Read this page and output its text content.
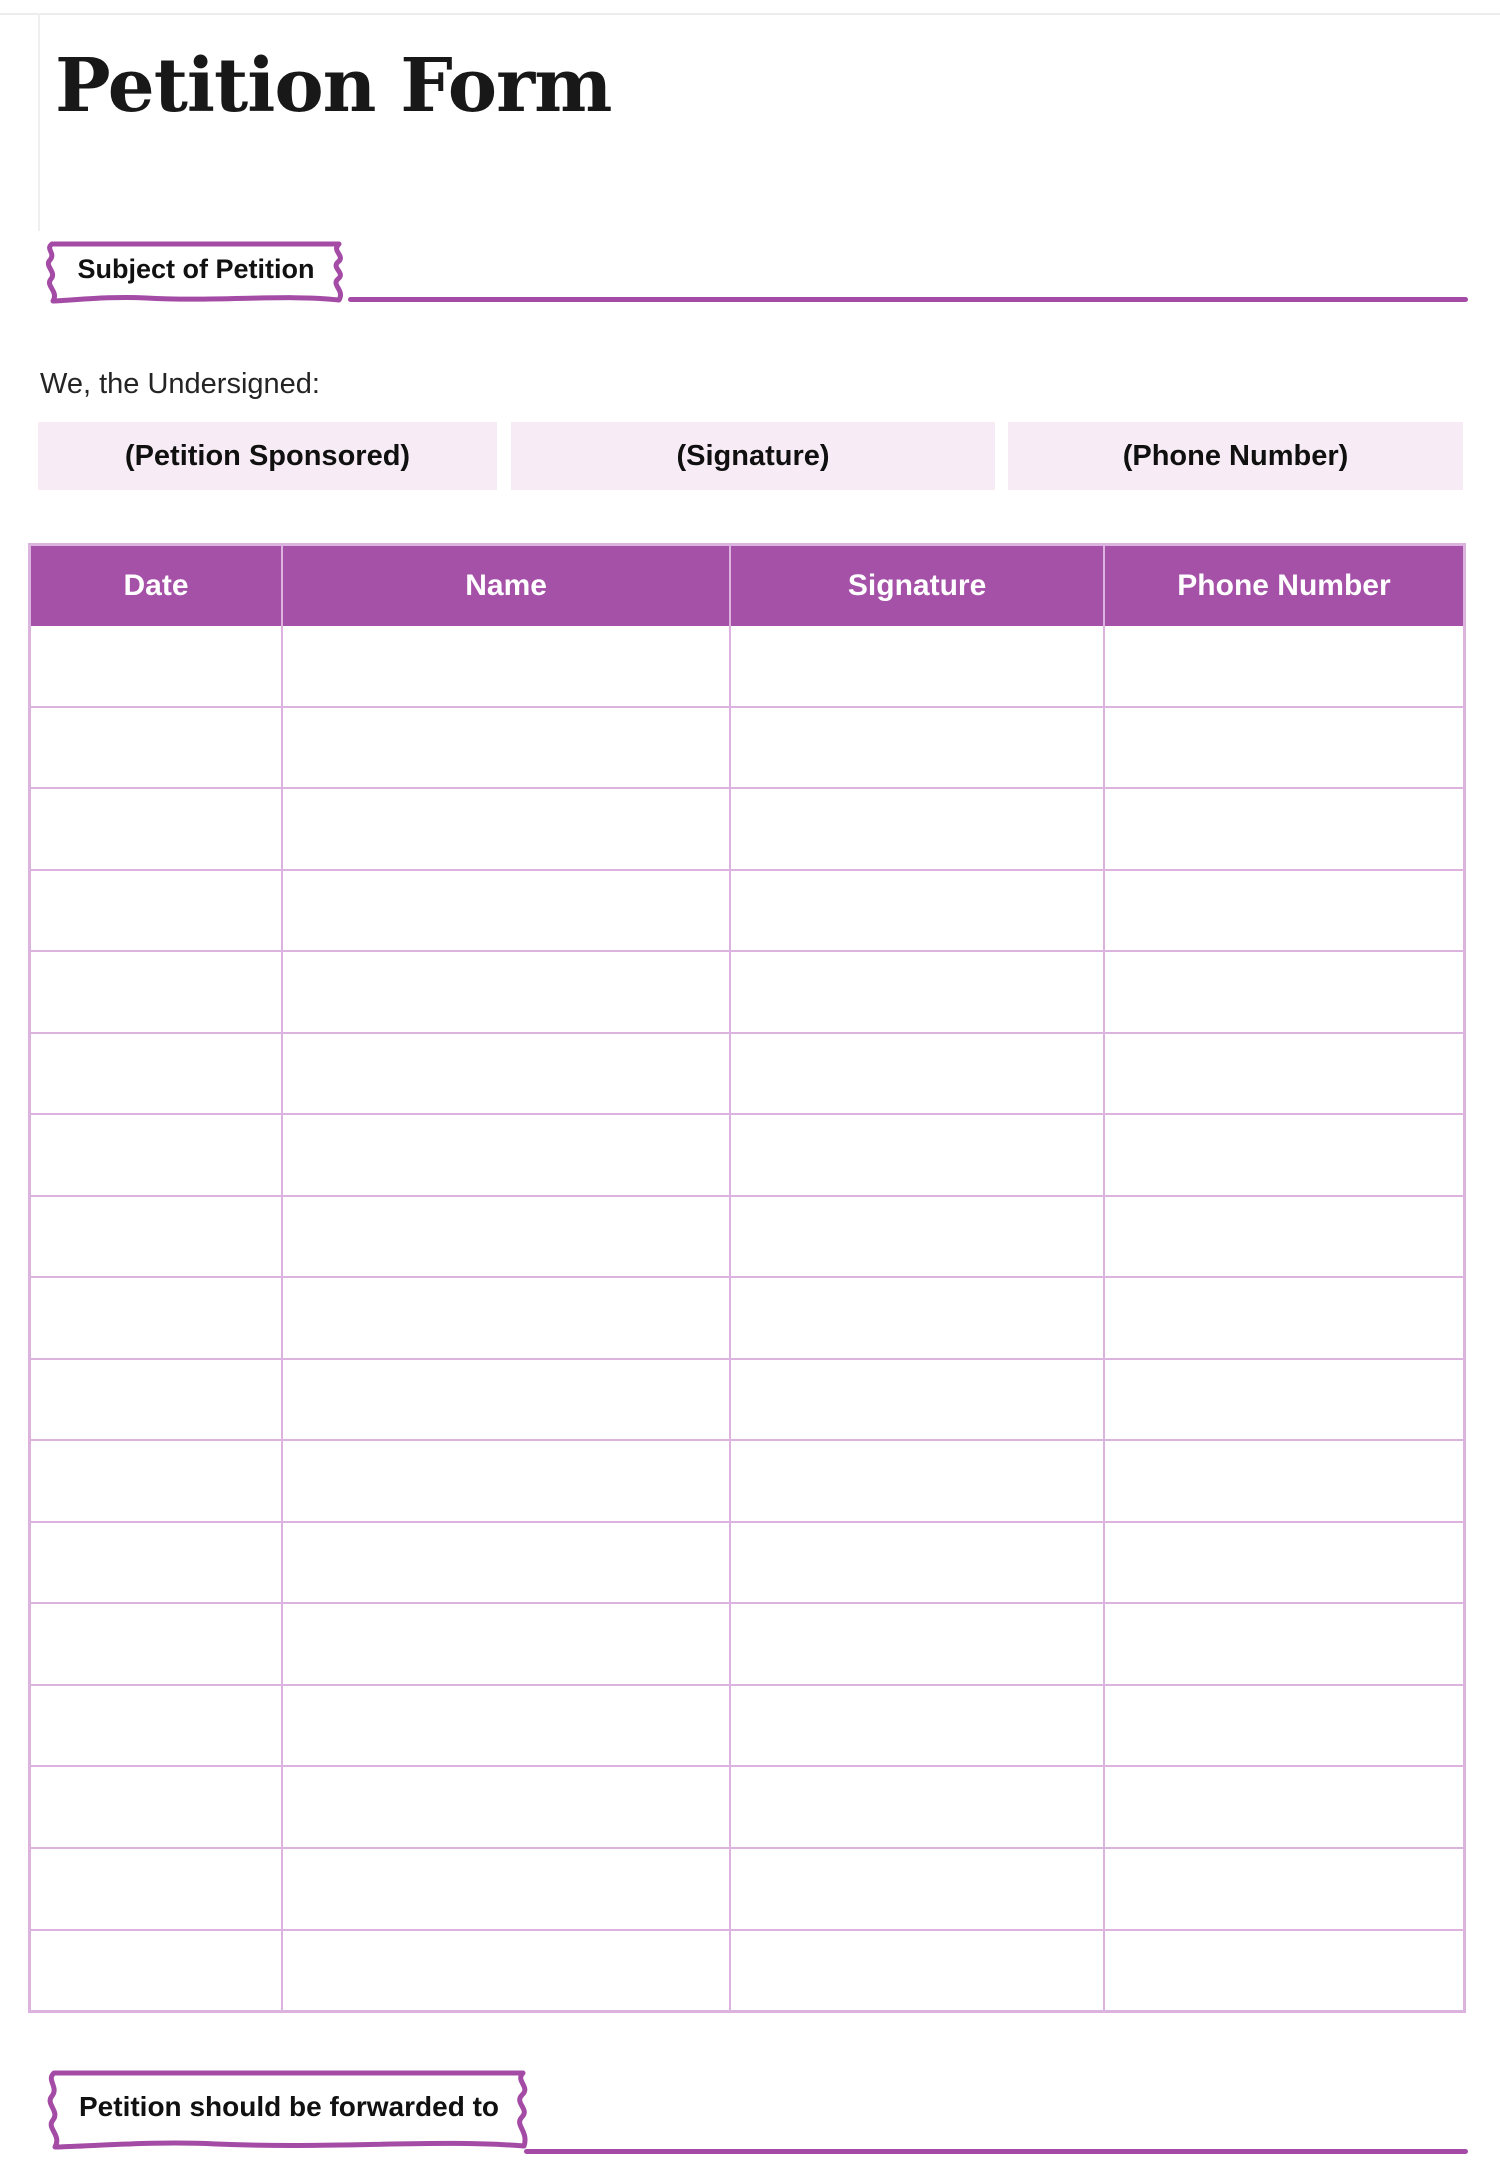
Petition Form
Subject of Petition
We, the Undersigned:
(Petition Sponsored)	(Signature)	(Phone Number)
Date	Name	Signature	Phone Number
Petition should be forwarded to
